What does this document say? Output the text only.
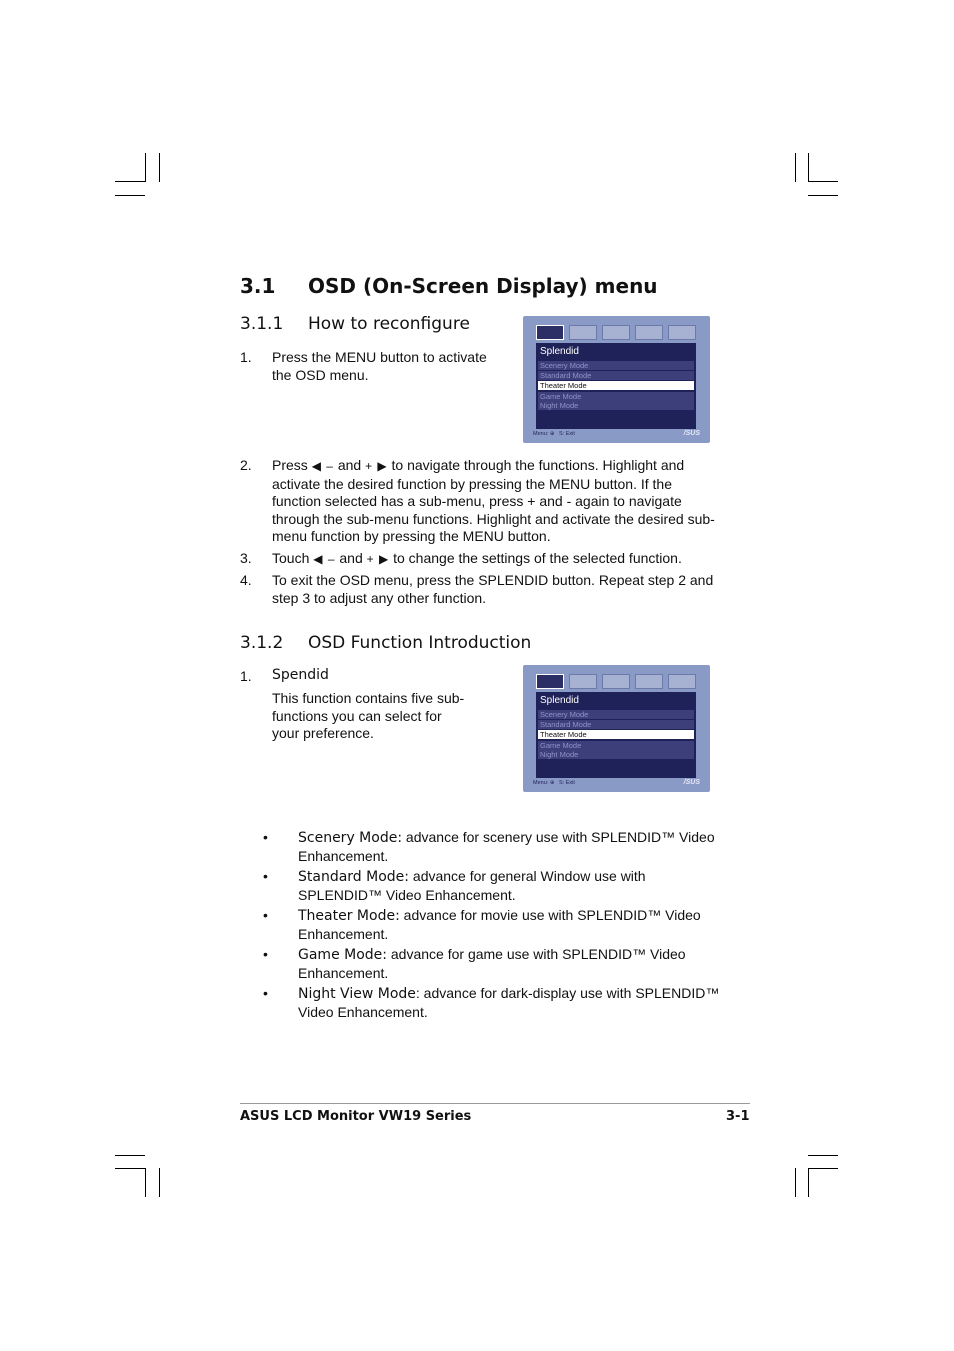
3.1 OSD (On-Screen Display) menu
3.1.1 How to reconfigure
1. Press the MENU button to activate the OSD menu.
Splendid
Scenery Mode
Standard Mode
Theater Mode
Game Mode
Night Mode
Menu: ⊕   S: Exit	/SUS
2. Press ◀ – and + ▶ to navigate through the functions. Highlight and activate the desired function by pressing the MENU button. If the function selected has a sub-menu, press + and - again to navigate through the sub-menu functions. Highlight and activate the desired sub-menu function by pressing the MENU button.
3. Touch ◀ – and + ▶ to change the settings of the selected function.
4. To exit the OSD menu, press the SPLENDID button. Repeat step 2 and step 3 to adjust any other function.
3.1.2 OSD Function Introduction
1. Spendid
This function contains five sub-functions you can select for your preference.
Splendid
Scenery Mode
Standard Mode
Theater Mode
Game Mode
Night Mode
Menu: ⊕   S: Exit	/SUS
• Scenery Mode: advance for scenery use with SPLENDID™ Video Enhancement.
• Standard Mode: advance for general Window use with SPLENDID™ Video Enhancement.
• Theater Mode: advance for movie use with SPLENDID™ Video Enhancement.
• Game Mode: advance for game use with SPLENDID™ Video Enhancement.
• Night View Mode: advance for dark-display use with SPLENDID™ Video Enhancement.
ASUS LCD Monitor VW19 Series	3-1
